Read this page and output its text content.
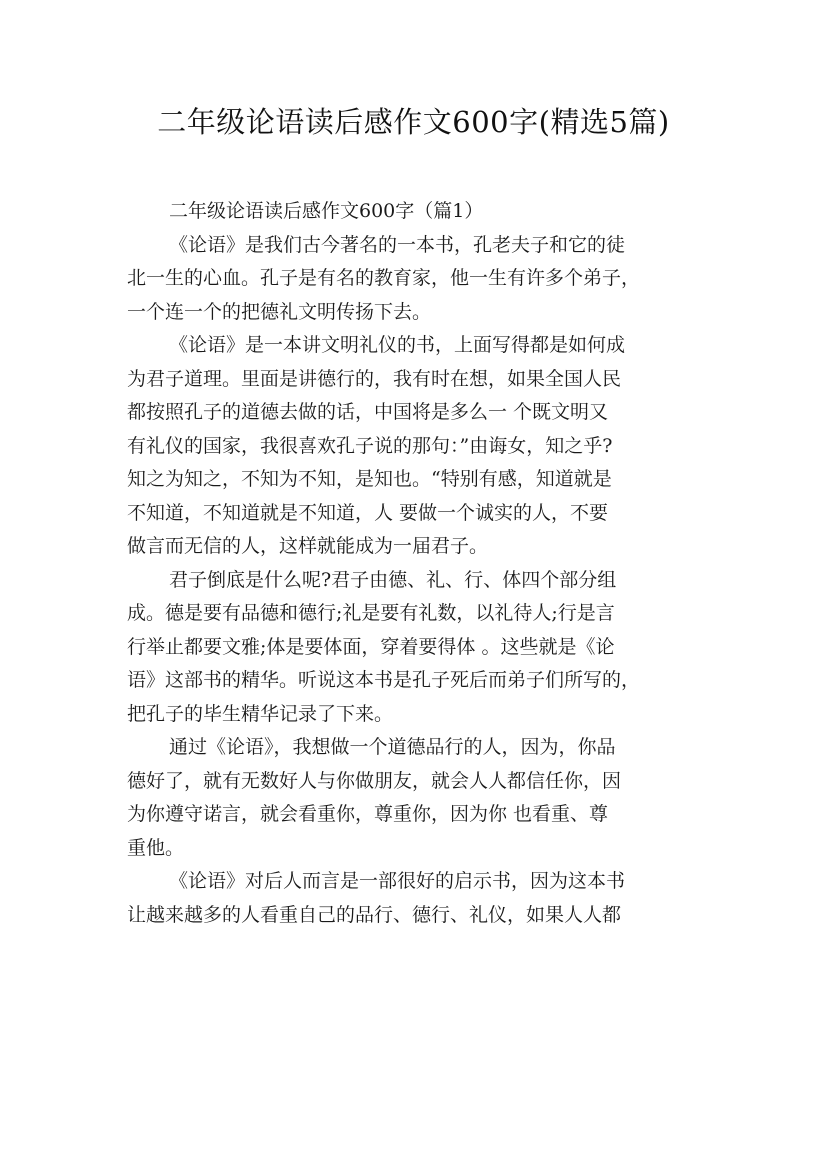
二年级论语读后感作文600字(精选5篇)
二年级论语读后感作文600字（篇1）
《论语》是我们古今著名的一本书，孔老夫子和它的徒
北一生的心血。孔子是有名的教育家，他一生有许多个弟子，
一个连一个的把德礼文明传扬下去。
《论语》是一本讲文明礼仪的书，上面写得都是如何成
为君子道理。里面是讲德行的，我有时在想，如果全国人民
都按照孔子的道德去做的话，中国将是多么一 个既文明又
有礼仪的国家，我很喜欢孔子说的那句：”由诲女，知之乎?
知之为知之，不知为不知，是知也。“特别有感，知道就是
不知道，不知道就是不知道，人 要做一个诚实的人，不要
做言而无信的人，这样就能成为一届君子。
君子倒底是什么呢?君子由德、礼、行、体四个部分组
成。德是要有品德和德行;礼是要有礼数，以礼待人;行是言
行举止都要文雅;体是要体面，穿着要得体 。这些就是《论
语》这部书的精华。听说这本书是孔子死后而弟子们所写的，
把孔子的毕生精华记录了下来。
通过《论语》，我想做一个道德品行的人，因为，你品
德好了，就有无数好人与你做朋友，就会人人都信任你，因
为你遵守诺言，就会看重你，尊重你，因为你 也看重、尊
重他。
《论语》对后人而言是一部很好的启示书，因为这本书
让越来越多的人看重自己的品行、德行、礼仪，如果人人都
